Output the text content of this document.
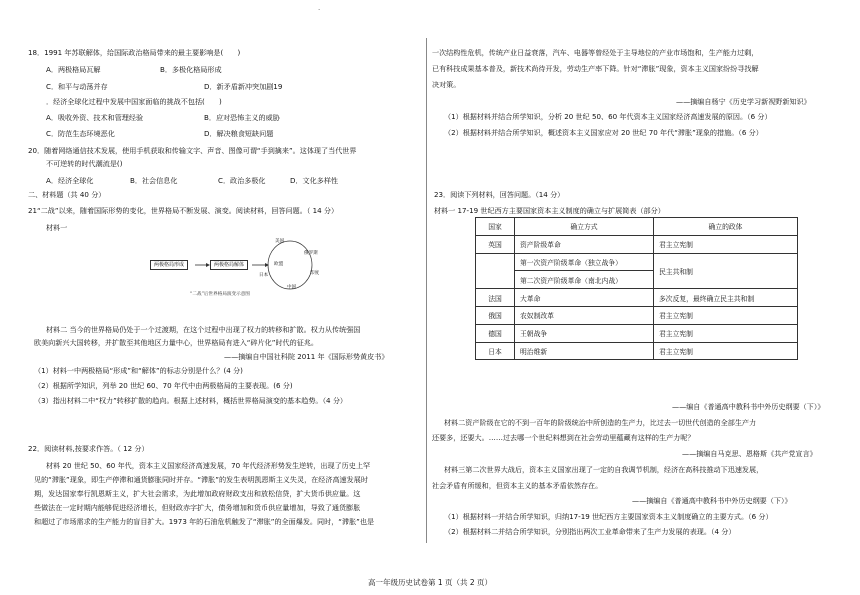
·
18．1991 年苏联解体，给国际政治格局带来的最主要影响是(　　)
A．两极格局瓦解	B．多极化格局形成
C．和平与动荡并存	D．新矛盾新冲突加剧19
．经济全球化过程中发展中国家面临的挑战不包括(　　)
A．吸收外资、技术和管理经验	B．应对恐怖主义的威胁
C．防范生态环境恶化	D．解决粮食短缺问题
20．随着网络通信技术发展，使用手机获取和传输文字、声音、图像可谓“手到擒来”。这体现了当代世界
不可逆转的时代潮流是()
A．经济全球化	B．社会信息化	C．政治多极化	D．文化多样性
二、材料题（共 40 分）
21“二战”以来，随着国际形势的变化，世界格局不断发展、演变。阅读材料，回答问题。（ 14 分）
材料一
材料二 当今的世界格局仍处于一个过渡期，在这个过程中出现了权力的转移和扩散。权力从传统强国
欧美向新兴大国转移，并扩散至其他地区力量中心，世界格局有进入“碎片化”时代的征兆。
——摘编自中国社科院 2011 年《国际形势黄皮书》
（1）材料一中两极格局“形成”和“解体”的标志分别是什么？(4 分)
（2）根据所学知识，列举 20 世纪 60、70 年代中由两极格局的主要表现。(6 分)
（3）指出材料二中“权力”转移扩散的趋向。根据上述材料，概括世界格局演变的基本趋势。（4 分）
22．阅读材料,按要求作答。（ 12 分）
材料 20 世纪 50、60 年代，资本主义国家经济高速发展，70 年代经济形势发生逆转，出现了历史上罕
见的“滞胀”现象，即生产停滞和通货膨胀同时并存。“滞胀”的发生表明凯恩斯主义失灵，在经济高速发展时
期，发达国家奉行凯恩斯主义，扩大社会需求，为此增加政府财政支出和放松信贷，扩大货币供应量。这
些做法在一定时期内能够促进经济增长，但财政赤字扩大，债务增加和货币供应量增加，导致了通货膨胀
和超过了市场需求的生产能力的盲目扩大。1973 年的石油危机触发了“滞胀”的全面爆发。同时，“滞胀”也是
两极格局形成	两极格局解体
美国
俄罗斯
欧盟
印度
日本
中国
“二战”后世界格局演变示意图
一次结构性危机，传统产业日益衰落，汽车、电器等曾经处于主导地位的产业市场饱和，生产能力过剩，
已有科技成果基本普及，新技术尚待开发，劳动生产率下降。针对“滞胀”现象，资本主义国家纷纷寻找解
决对策。
——摘编自杨宁《历史学习新视野新知识》
（1）根据材料并结合所学知识，分析 20 世纪 50、60 年代资本主义国家经济高速发展的原因。（6 分）
（2）根据材料并结合所学知识，概述资本主义国家应对 20 世纪 70 年代“滞胀”现象的措施。（6 分）
23．阅读下列材料，回答问题。（14 分）
材料一 17-19 世纪西方主要国家资本主义制度的确立与扩展简表（部分）
——编自《普通高中教科书中外历史纲要（下）》
材料二资产阶级在它的不到一百年的阶级统治中所创造的生产力，比过去一切世代创造的全部生产力
还要多，还要大。……过去哪一个世纪料想到在社会劳动里蕴藏有这样的生产力呢？
——摘编自马克思、恩格斯《共产党宣言》
材料三第二次世界大战后，资本主义国家出现了一定的自我调节机制，经济在高科技推动下迅速发展，
社会矛盾有所缓和，但资本主义的基本矛盾依然存在。
——摘编自《普通高中教科书中外历史纲要（下）》
（1）根据材料一并结合所学知识，归纳17-19 世纪西方主要国家资本主义制度确立的主要方式。（6 分）
（2）根据材料二并结合所学知识，分别指出两次工业革命带来了生产力发展的表现。（4 分）
国家	确立方式	确立的政体
英国	资产阶级革命	君主立宪制
	第一次资产阶级革命（独立战争）	民主共和制
	第二次资产阶级革命（南北内战）	
法国	大革命	多次反复，最终确立民主共和制
俄国	农奴制改革	君主立宪制
德国	王朝战争	君主立宪制
日本	明治维新	君主立宪制
高一年级历史试卷第 1 页（共 2 页）
